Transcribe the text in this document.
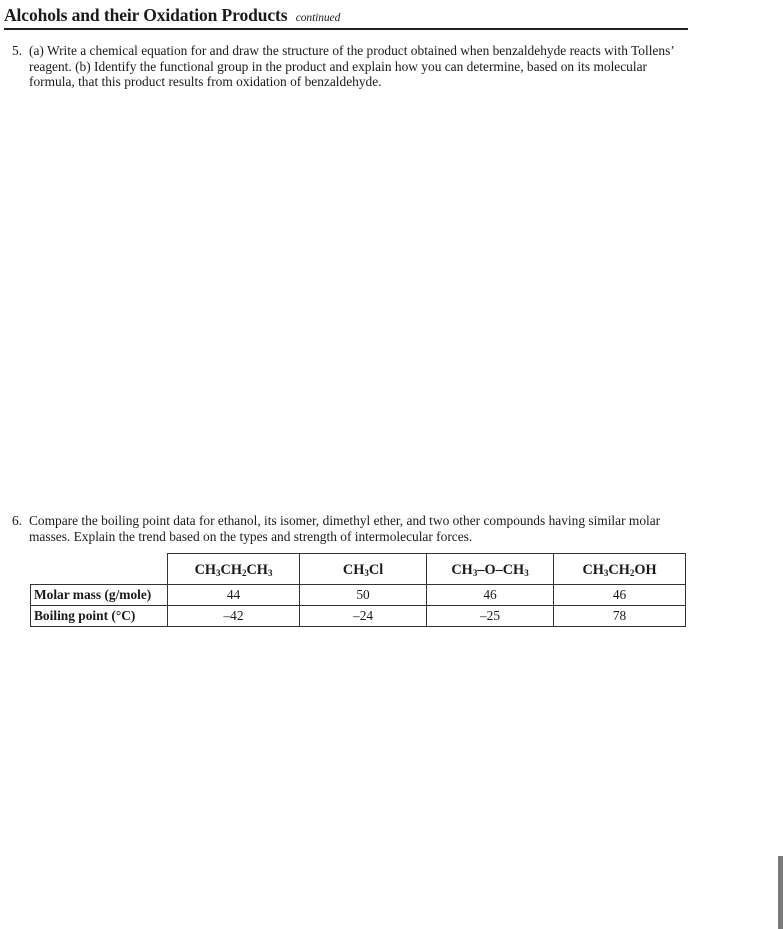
Alcohols and their Oxidation Products continued
5. (a) Write a chemical equation for and draw the structure of the product obtained when benzaldehyde reacts with Tollens’ reagent. (b) Identify the functional group in the product and explain how you can determine, based on its molecular formula, that this product results from oxidation of benzaldehyde.
6. Compare the boiling point data for ethanol, its isomer, dimethyl ether, and two other compounds having similar molar masses. Explain the trend based on the types and strength of intermolecular forces.
	$CH_3CH_2CH_3$	$CH_3Cl$	$CH_3-O-CH_3$	$CH_3CH_2OH$
Molar mass (g/mole)	44	50	46	46
Boiling point (°C)	–42	–24	–25	78
